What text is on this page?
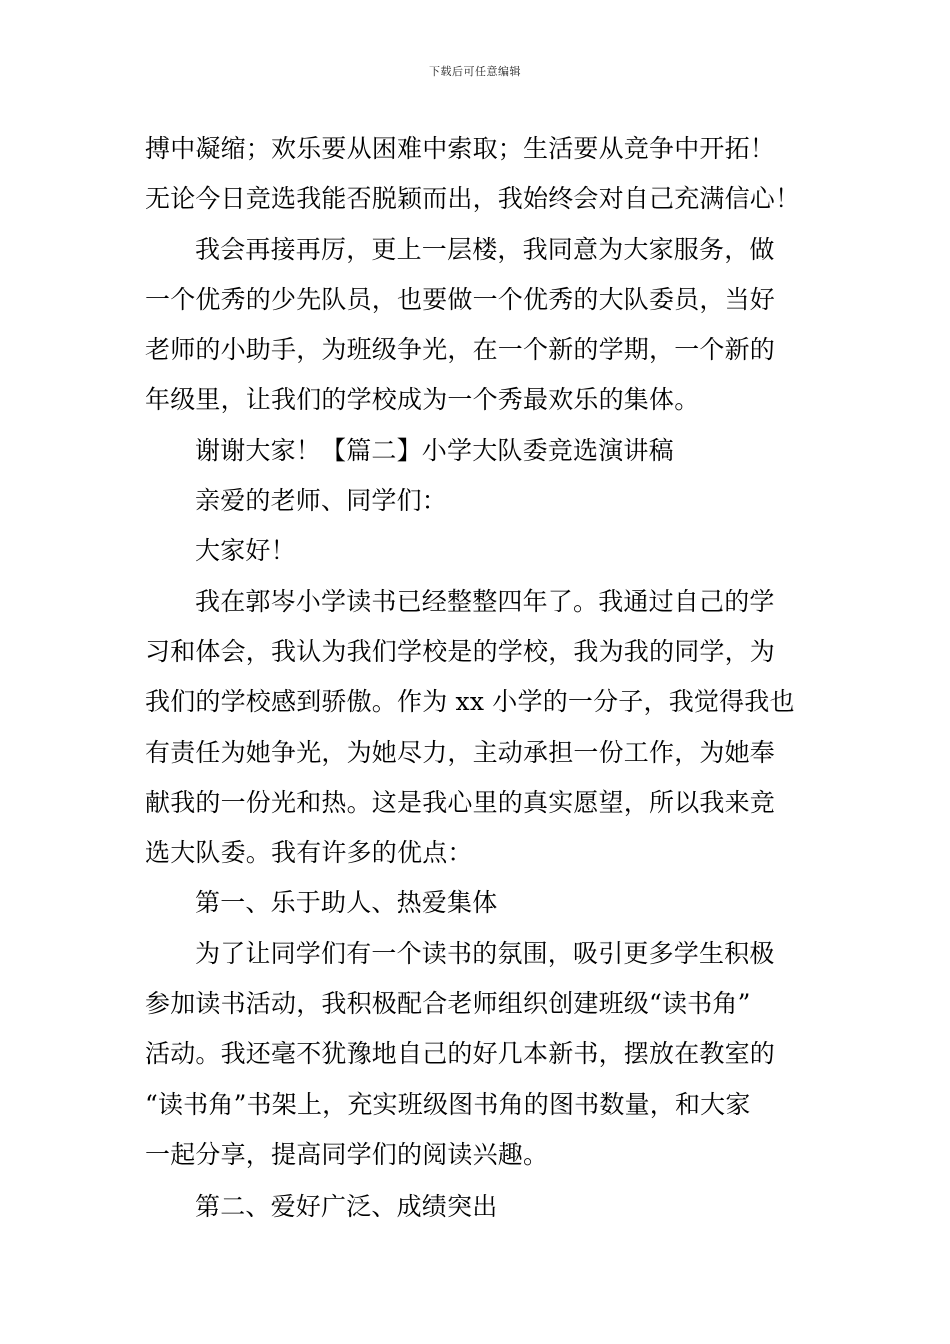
下载后可任意编辑
搏中凝缩；欢乐要从困难中索取；生活要从竞争中开拓！
无论今日竞选我能否脱颖而出，我始终会对自己充满信心！
我会再接再厉，更上一层楼，我同意为大家服务，做
一个优秀的少先队员，也要做一个优秀的大队委员，当好
老师的小助手，为班级争光，在一个新的学期，一个新的
年级里，让我们的学校成为一个秀最欢乐的集体。
谢谢大家！【篇二】小学大队委竞选演讲稿
亲爱的老师、同学们：
大家好！
我在郭岑小学读书已经整整四年了。我通过自己的学
习和体会，我认为我们学校是的学校，我为我的同学，为
我们的学校感到骄傲。作为 xx 小学的一分子，我觉得我也
有责任为她争光，为她尽力，主动承担一份工作，为她奉
献我的一份光和热。这是我心里的真实愿望，所以我来竞
选大队委。我有许多的优点：
第一、乐于助人、热爱集体
为了让同学们有一个读书的氛围，吸引更多学生积极
参加读书活动，我积极配合老师组织创建班级“读书角”
活动。我还毫不犹豫地自己的好几本新书，摆放在教室的
“读书角”书架上，充实班级图书角的图书数量，和大家
一起分享，提高同学们的阅读兴趣。
第二、爱好广泛、成绩突出
